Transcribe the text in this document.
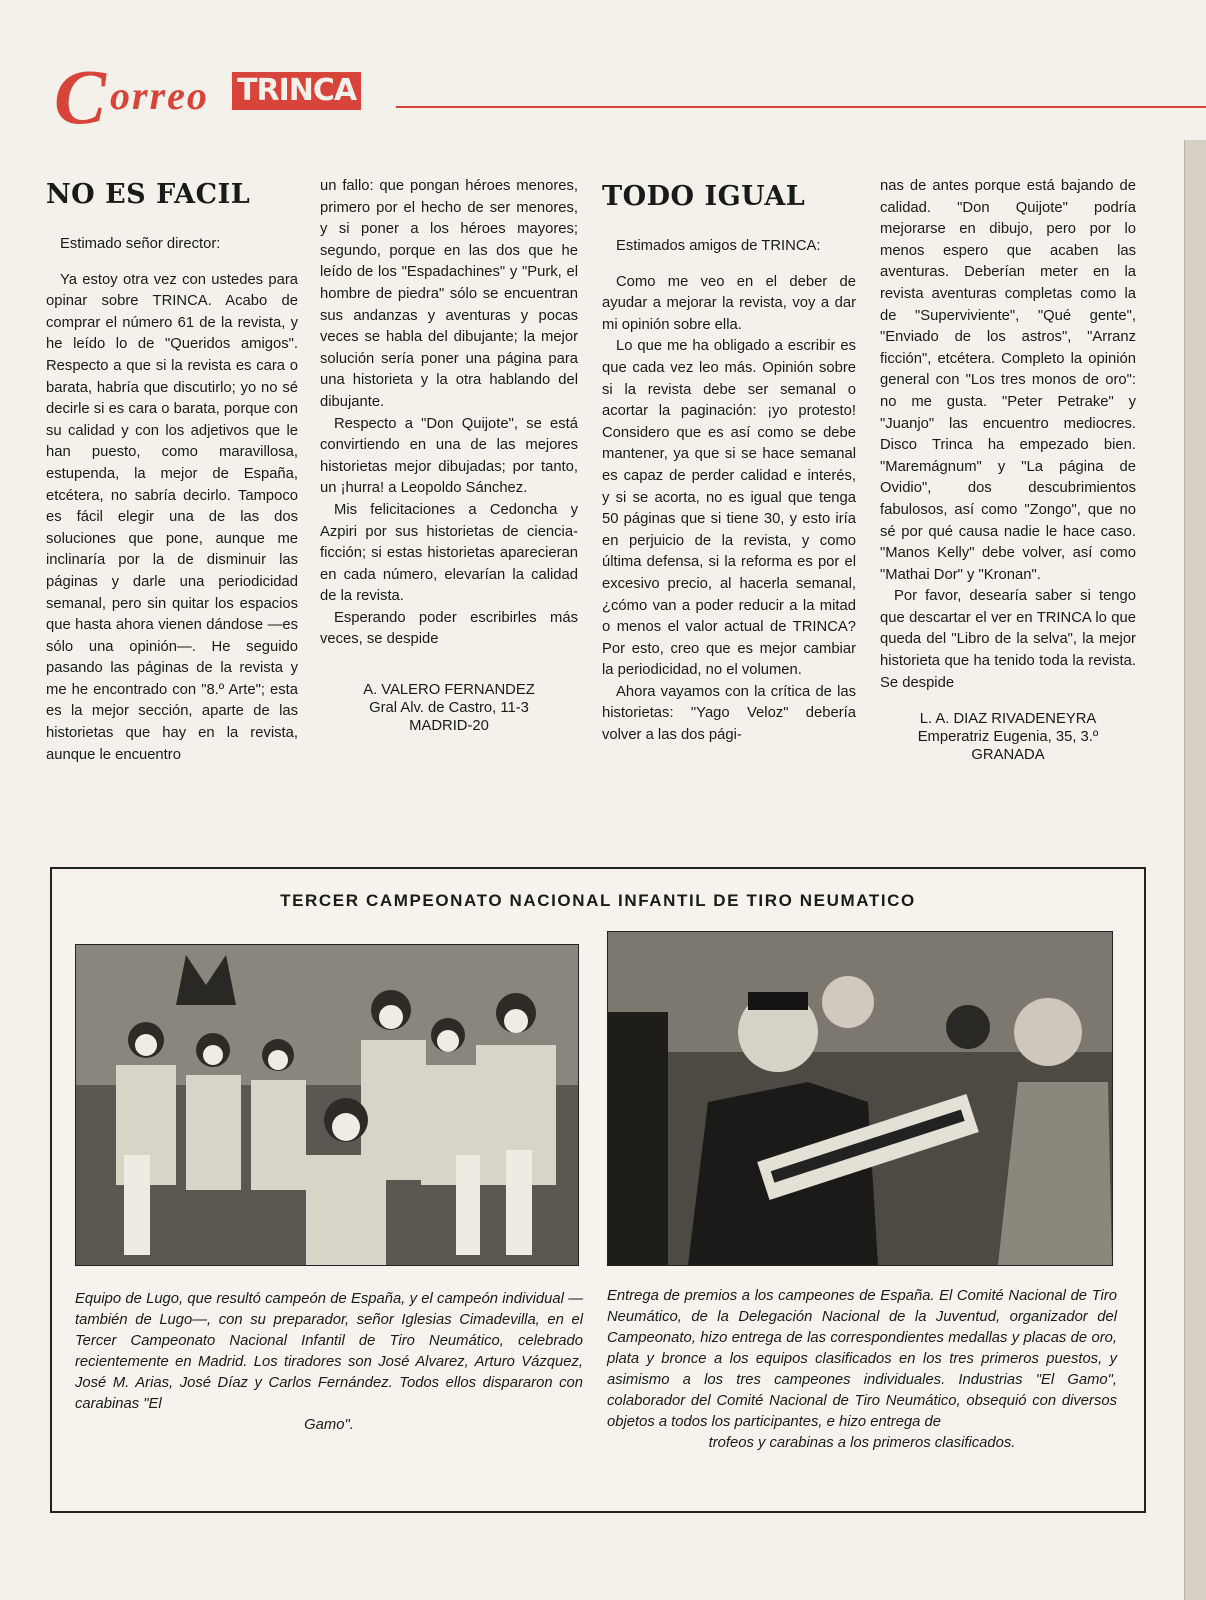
C orreo TRINCA
NO ES FACIL

Estimado señor director:

Ya estoy otra vez con ustedes para opinar sobre TRINCA. Acabo de comprar el número 61 de la revista, y he leído lo de "Queridos amigos". Respecto a que si la revista es cara o barata, habría que discutirlo; yo no sé decirle si es cara o barata, porque con su calidad y con los adjetivos que le han puesto, como maravillosa, estupenda, la mejor de España, etcétera, no sabría decirlo. Tampoco es fácil elegir una de las dos soluciones que pone, aunque me inclinaría por la de disminuir las páginas y darle una periodicidad semanal, pero sin quitar los espacios que hasta ahora vienen dándose —es sólo una opinión—. He seguido pasando las páginas de la revista y me he encontrado con "8.º Arte"; esta es la mejor sección, aparte de las historietas que hay en la revista, aunque le encuentro

un fallo: que pongan héroes menores, primero por el hecho de ser menores, y si poner a los héroes mayores; segundo, porque en las dos que he leído de los "Espadachines" y "Purk, el hombre de piedra" sólo se encuentran sus andanzas y aventuras y pocas veces se habla del dibujante; la mejor solución sería poner una página para una historieta y la otra hablando del dibujante.

Respecto a "Don Quijote", se está convirtiendo en una de las mejores historietas mejor dibujadas; por tanto, un ¡hurra! a Leopoldo Sánchez.

Mis felicitaciones a Cedoncha y Azpiri por sus historietas de ciencia-ficción; si estas historietas aparecieran en cada número, elevarían la calidad de la revista.

Esperando poder escribirles más veces, se despide

A. VALERO FERNANDEZ
Gral Alv. de Castro, 11-3
MADRID-20
TODO IGUAL

Estimados amigos de TRINCA:

Como me veo en el deber de ayudar a mejorar la revista, voy a dar mi opinión sobre ella.

Lo que me ha obligado a escribir es que cada vez leo más. Opinión sobre si la revista debe ser semanal o acortar la paginación: ¡yo protesto! Considero que es así como se debe mantener, ya que si se hace semanal es capaz de perder calidad e interés, y si se acorta, no es igual que tenga 50 páginas que si tiene 30, y esto iría en perjuicio de la revista, y como última defensa, si la reforma es por el excesivo precio, al hacerla semanal, ¿cómo van a poder reducir a la mitad o menos el valor actual de TRINCA? Por esto, creo que es mejor cambiar la periodicidad, no el volumen.

Ahora vayamos con la crítica de las historietas: "Yago Veloz" debería volver a las dos pági-

nas de antes porque está bajando de calidad. "Don Quijote" podría mejorarse en dibujo, pero por lo menos espero que acaben las aventuras. Deberían meter en la revista aventuras completas como la de "Superviviente", "Qué gente", "Enviado de los astros", "Arranz ficción", etcétera. Completo la opinión general con "Los tres monos de oro": no me gusta. "Peter Petrake" y "Juanjo" las encuentro mediocres. Disco Trinca ha empezado bien. "Maremágnum" y "La página de Ovidio", dos descubrimientos fabulosos, así como "Zongo", que no sé por qué causa nadie le hace caso. "Manos Kelly" debe volver, así como "Mathai Dor" y "Kronan".

Por favor, desearía saber si tengo que descartar el ver en TRINCA lo que queda del "Libro de la selva", la mejor historieta que ha tenido toda la revista. Se despide

L. A. DIAZ RIVADENEYRA
Emperatriz Eugenia, 35, 3.º
GRANADA
TERCER CAMPEONATO NACIONAL INFANTIL DE TIRO NEUMATICO
Equipo de Lugo, que resultó campeón de España, y el campeón individual —también de Lugo—, con su preparador, señor Iglesias Cimadevilla, en el Tercer Campeonato Nacional Infantil de Tiro Neumático, celebrado recientemente en Madrid. Los tiradores son José Alvarez, Arturo Vázquez, José M. Arias, José Díaz y Carlos Fernández. Todos ellos dispararon con carabinas "El
Gamo".
Entrega de premios a los campeones de España. El Comité Nacional de Tiro Neumático, de la Delegación Nacional de la Juventud, organizador del Campeonato, hizo entrega de las correspondientes medallas y placas de oro, plata y bronce a los equipos clasificados en los tres primeros puestos, y asimismo a los tres campeones individuales. Industrias "El Gamo", colaborador del Comité Nacional de Tiro Neumático, obsequió con diversos objetos a todos los participantes, e hizo entrega de
trofeos y carabinas a los primeros clasificados.
